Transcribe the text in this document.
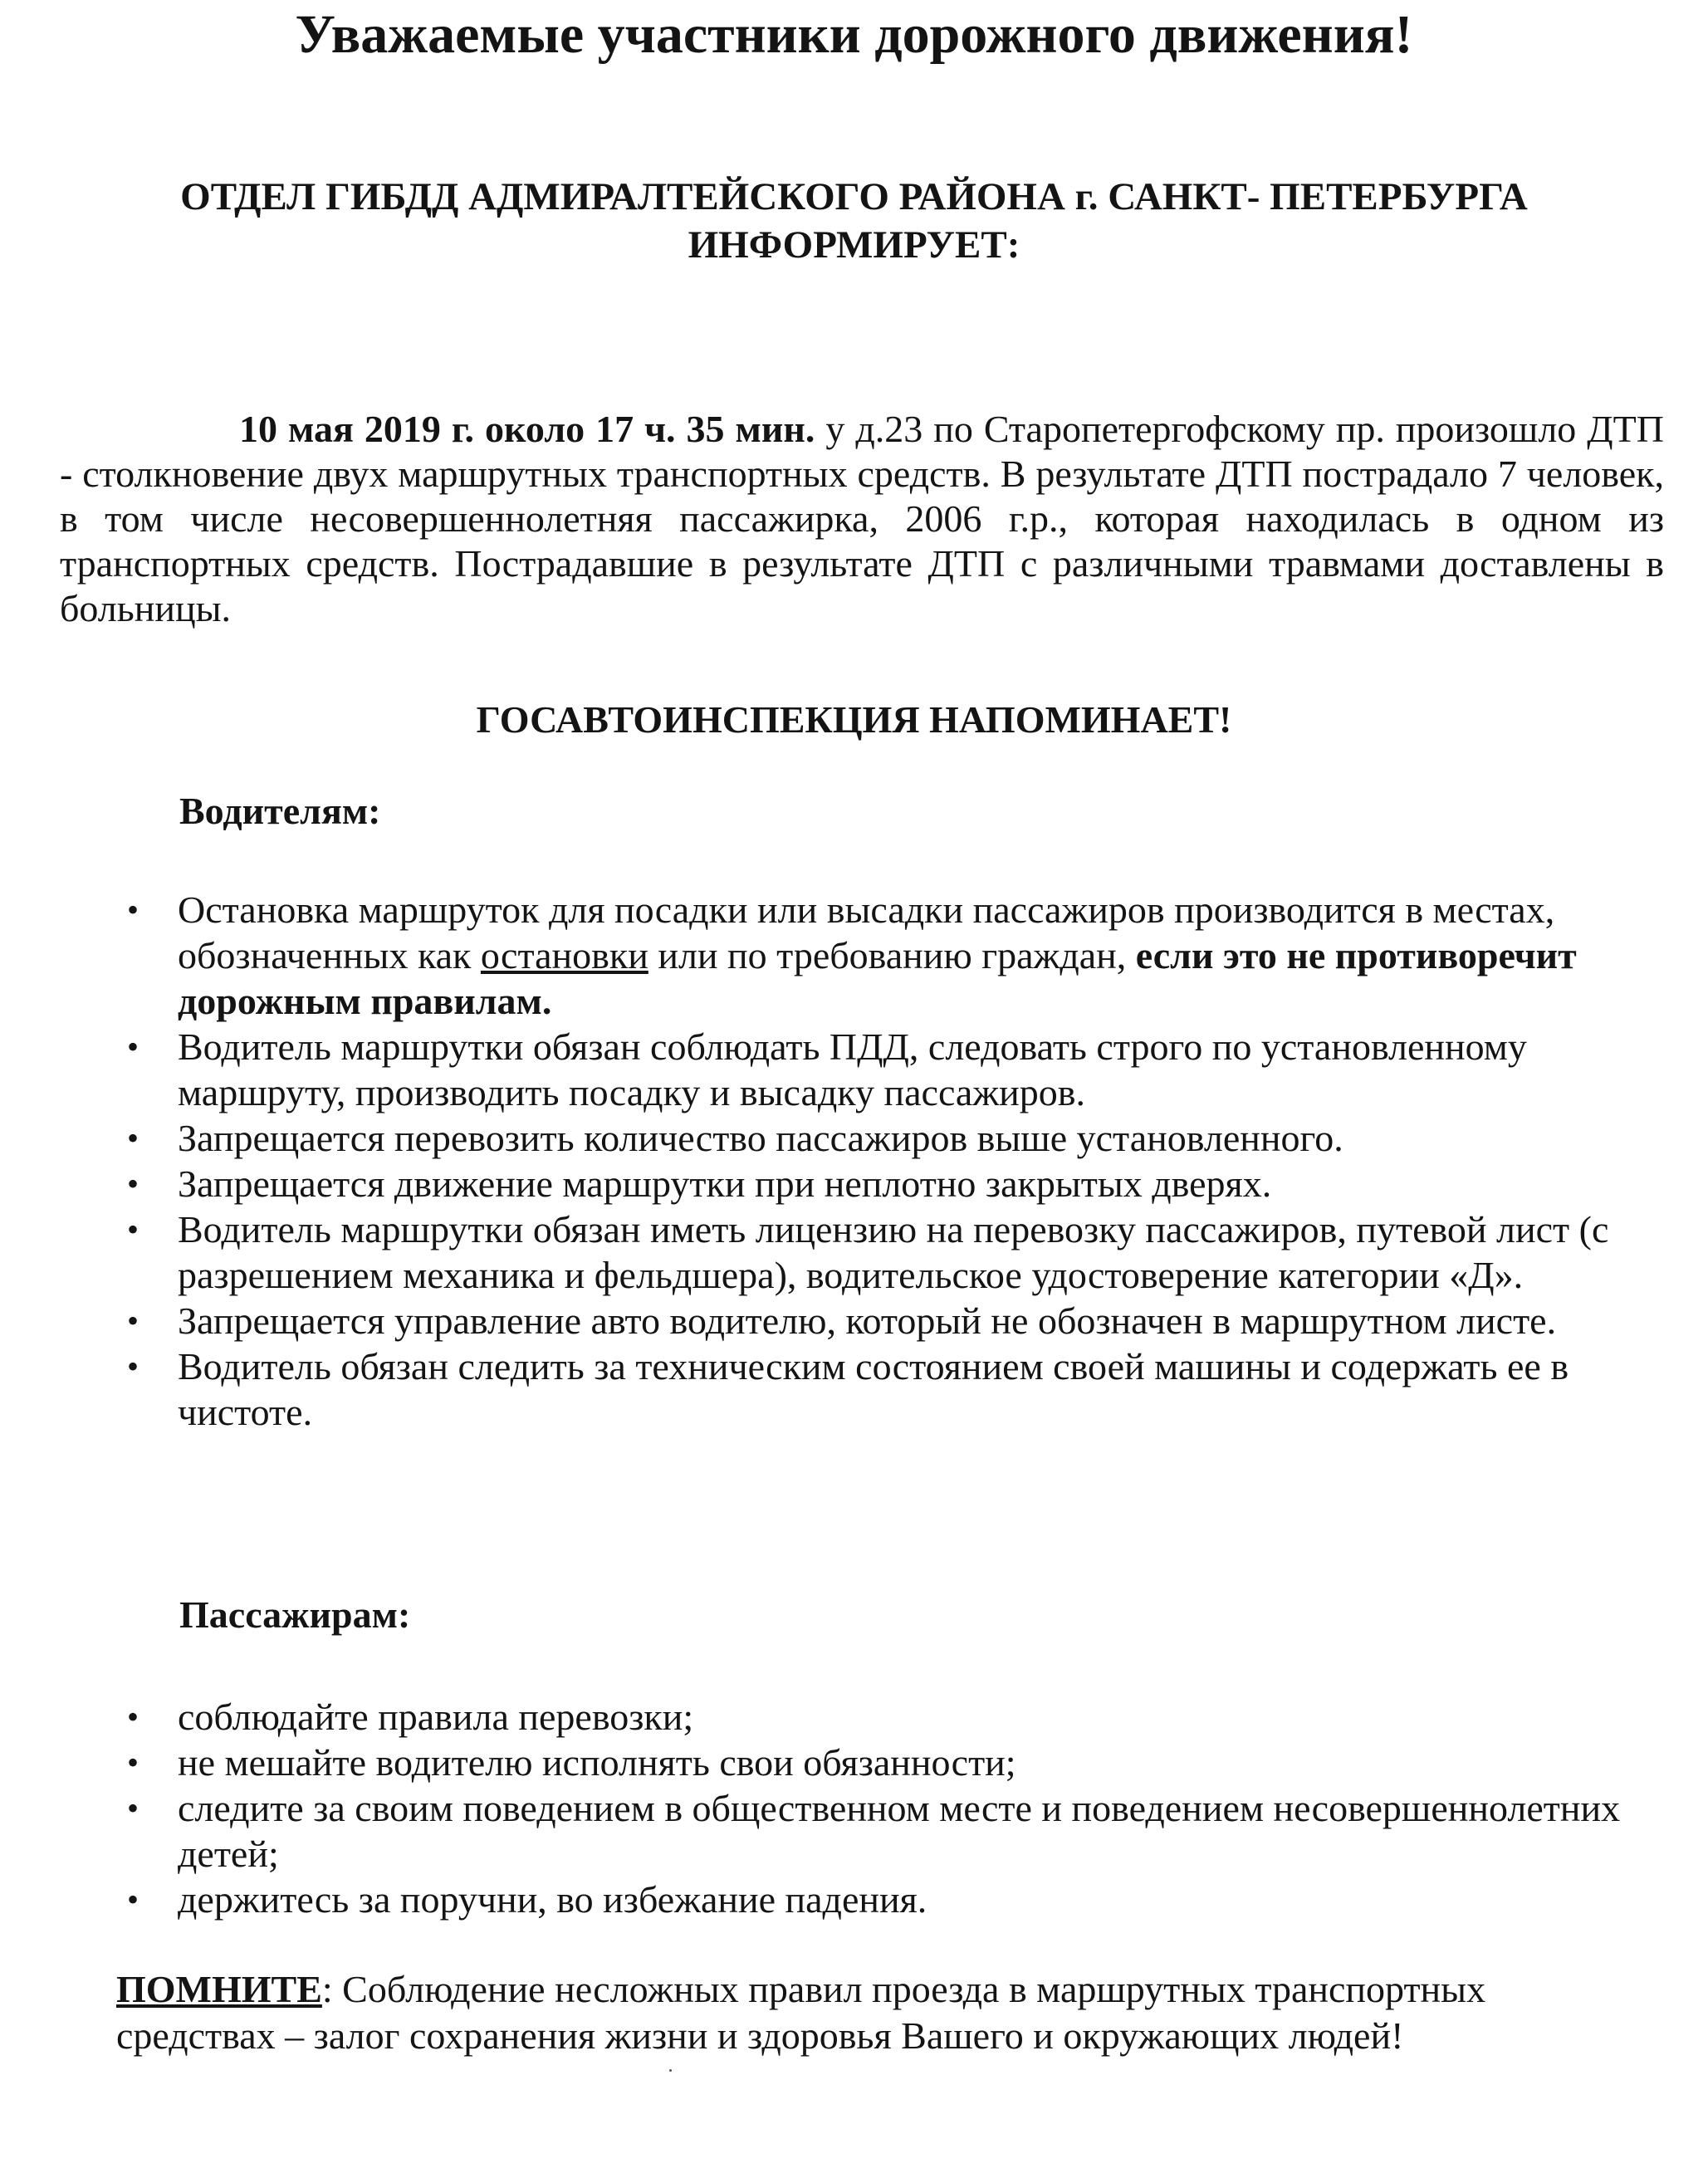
Уважаемые участники дорожного движения!
ОТДЕЛ ГИБДД АДМИРАЛТЕЙСКОГО РАЙОНА г. САНКТ- ПЕТЕРБУРГА
ИНФОРМИРУЕТ:

10 мая 2019 г. около 17 ч. 35 мин. у д.23 по Старопетергофскому пр. произошло ДТП - столкновение двух маршрутных транспортных средств. В результате ДТП пострадало 7 человек, в том числе несовершеннолетняя пассажирка, 2006 г.р., которая находилась в одном из транспортных средств. Пострадавшие в результате ДТП с различными травмами доставлены в больницы.

ГОСАВТОИНСПЕКЦИЯ НАПОМИНАЕТ!
Водителям:
• Остановка маршруток для посадки или высадки пассажиров производится в местах, обозначенных как остановки или по требованию граждан, если это не противоречит дорожным правилам.
• Водитель маршрутки обязан соблюдать ПДД, следовать строго по установленному маршруту, производить посадку и высадку пассажиров.
• Запрещается перевозить количество пассажиров выше установленного.
• Запрещается движение маршрутки при неплотно закрытых дверях.
• Водитель маршрутки обязан иметь лицензию на перевозку пассажиров, путевой лист (с разрешением механика и фельдшера), водительское удостоверение категории «Д».
• Запрещается управление авто водителю, который не обозначен в маршрутном листе.
• Водитель обязан следить за техническим состоянием своей машины и содержать ее в чистоте.
Пассажирам:
• соблюдайте правила перевозки;
• не мешайте водителю исполнять свои обязанности;
• следите за своим поведением в общественном месте и поведением несовершеннолетних детей;
• держитесь за поручни, во избежание падения.

ПОМНИТЕ: Соблюдение несложных правил проезда в маршрутных транспортных средствах – залог сохранения жизни и здоровья Вашего и окружающих людей!
